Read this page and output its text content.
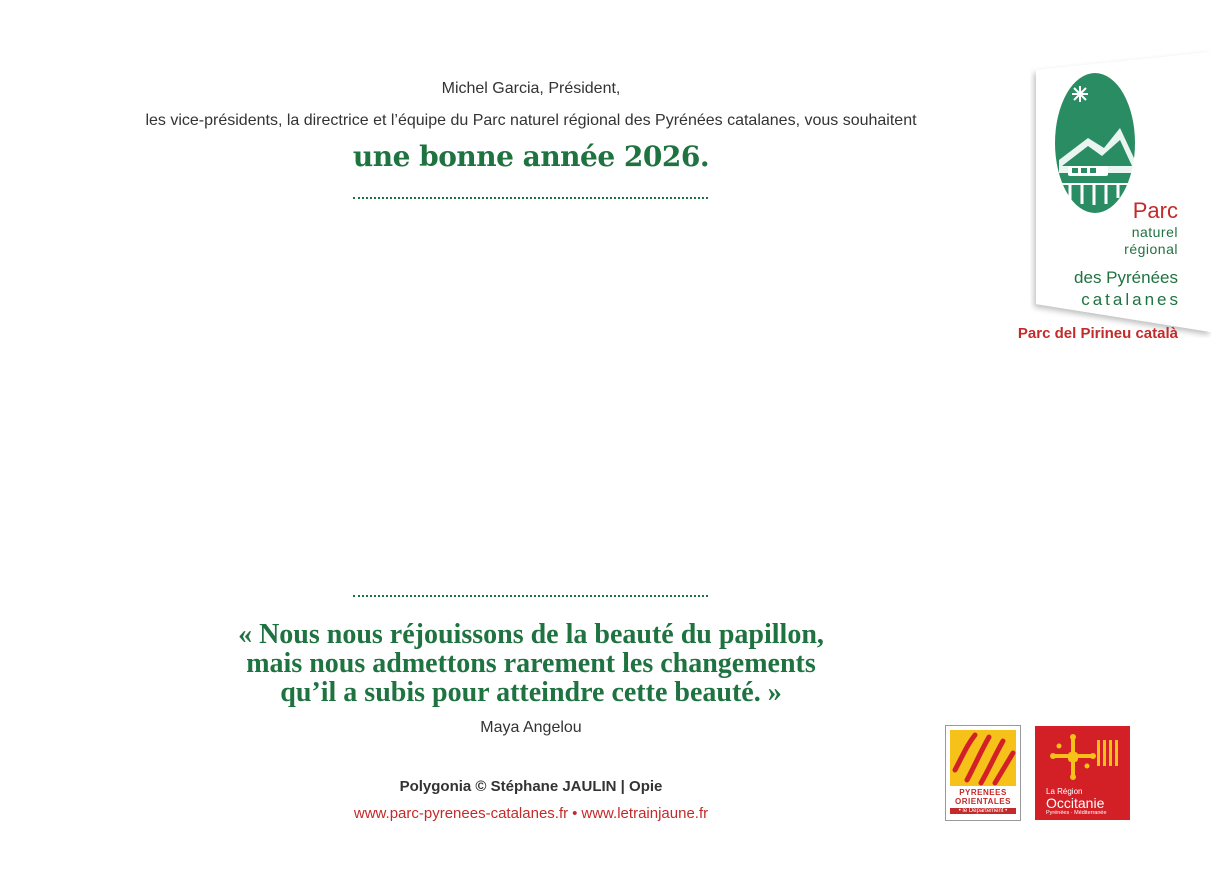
Michel Garcia, Président,
les vice-présidents, la directrice et l’équipe du Parc naturel régional des Pyrénées catalanes, vous souhaitent
une bonne année 2026.
« Nous nous réjouissons de la beauté du papillon,
mais nous admettons rarement les changements
qu’il a subis pour atteindre cette beauté. »
Maya Angelou
Polygonia © Stéphane JAULIN | Opie
www.parc-pyrenees-catalanes.fr • www.letrainjaune.fr
Parc
naturel
régional
des Pyrénées
catalanes
Parc del Pirineu català
PYRENEES
ORIENTALES
• le Département •
La Région
Occitanie
Pyrénées · Méditerranée
